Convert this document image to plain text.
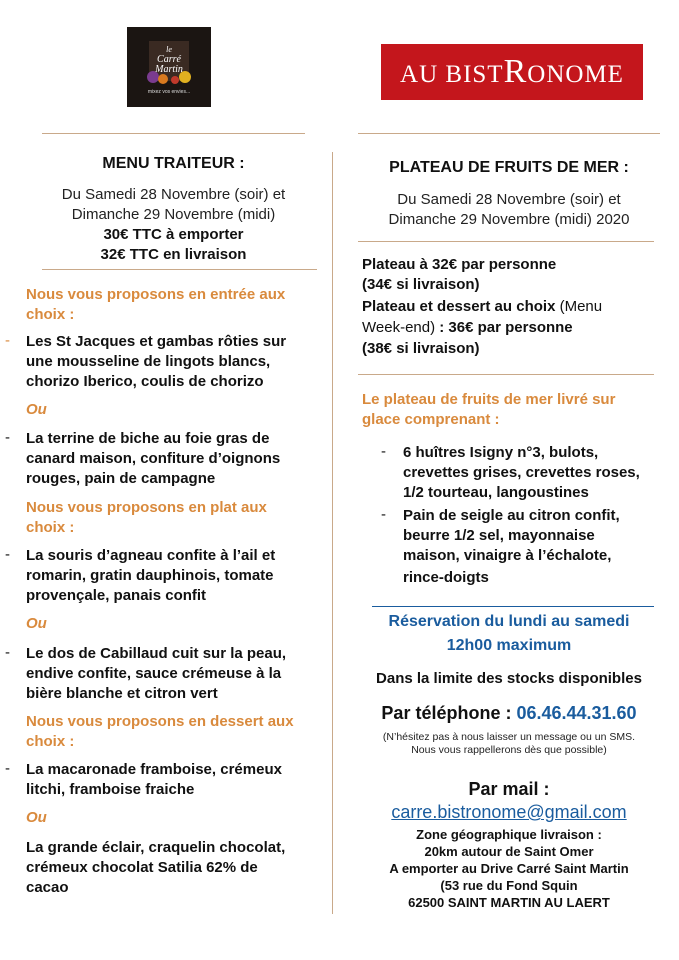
le
Carré
Martin
mixez vos envies...
AU BISTRONOME
MENU TRAITEUR :
Du Samedi 28 Novembre (soir) et
Dimanche 29 Novembre (midi)
30€ TTC à emporter
32€ TTC en livraison
Nous vous proposons en entrée aux
choix :
- Les St Jacques et gambas rôties sur
une mousseline de lingots blancs,
chorizo Iberico, coulis de chorizo
Ou
- La terrine de biche au foie gras de
canard maison, confiture d’oignons
rouges, pain de campagne
Nous vous proposons en plat aux
choix :
- La souris d’agneau confite à l’ail et
romarin, gratin dauphinois, tomate
provençale, panais confit
Ou
- Le dos de Cabillaud cuit sur la peau,
endive confite, sauce crémeuse à la
bière blanche et citron vert
Nous vous proposons en dessert aux
choix :
- La macaronade framboise, crémeux
litchi, framboise fraiche
Ou
La grande éclair, craquelin chocolat,
crémeux chocolat Satilia 62% de
cacao
PLATEAU DE FRUITS DE MER :
Du Samedi 28 Novembre (soir) et
Dimanche 29 Novembre (midi) 2020
Plateau à 32€ par personne
(34€ si livraison)
Plateau et dessert au choix (Menu
Week-end) : 36€ par personne
(38€ si livraison)
Le plateau de fruits de mer livré sur
glace comprenant :
- 6 huîtres Isigny n°3, bulots,
crevettes grises, crevettes roses,
1/2 tourteau, langoustines
- Pain de seigle au citron confit,
beurre 1/2 sel, mayonnaise
maison, vinaigre à l’échalote,
rince-doigts
Réservation du lundi au samedi
12h00 maximum
Dans la limite des stocks disponibles
Par téléphone : 06.46.44.31.60
(N’hésitez pas à nous laisser un message ou un SMS.
Nous vous rappellerons dès que possible)
Par mail :
carre.bistronome@gmail.com
Zone géographique livraison :
20km autour de Saint Omer
A emporter au Drive Carré Saint Martin
(53 rue du Fond Squin
62500 SAINT MARTIN AU LAERT
